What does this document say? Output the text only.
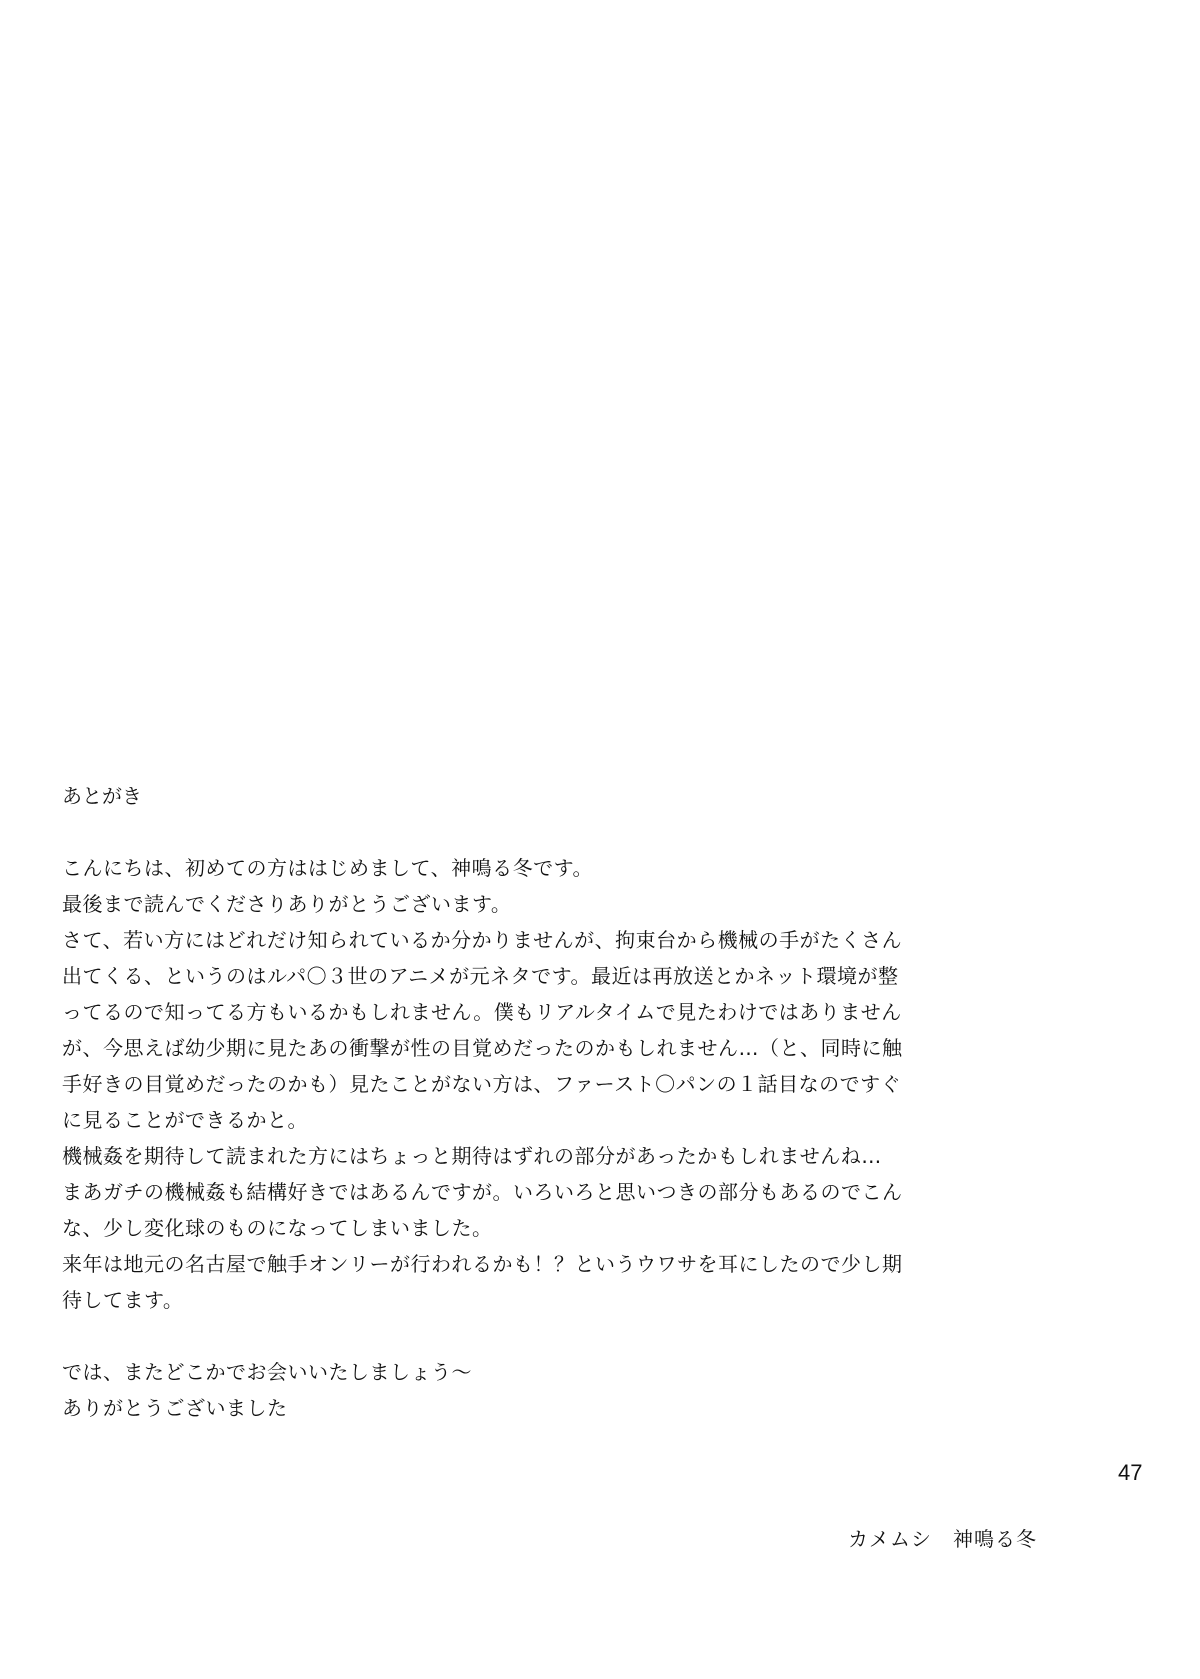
あとがき
こんにちは、初めての方ははじめまして、神鳴る冬です。
最後まで読んでくださりありがとうございます。
さて、若い方にはどれだけ知られているか分かりませんが、拘束台から機械の手がたくさん
出てくる、というのはルパ〇３世のアニメが元ネタです。最近は再放送とかネット環境が整
ってるので知ってる方もいるかもしれません。僕もリアルタイムで見たわけではありません
が、今思えば幼少期に見たあの衝撃が性の目覚めだったのかもしれません…（と、同時に触
手好きの目覚めだったのかも）見たことがない方は、ファースト〇パンの１話目なのですぐ
に見ることができるかと。
機械姦を期待して読まれた方にはちょっと期待はずれの部分があったかもしれませんね…
まあガチの機械姦も結構好きではあるんですが。いろいろと思いつきの部分もあるのでこん
な、少し変化球のものになってしまいました。
来年は地元の名古屋で触手オンリーが行われるかも！？というウワサを耳にしたので少し期
待してます。
では、またどこかでお会いいたしましょう～
ありがとうございました
47
カメムシ　神鳴る冬
